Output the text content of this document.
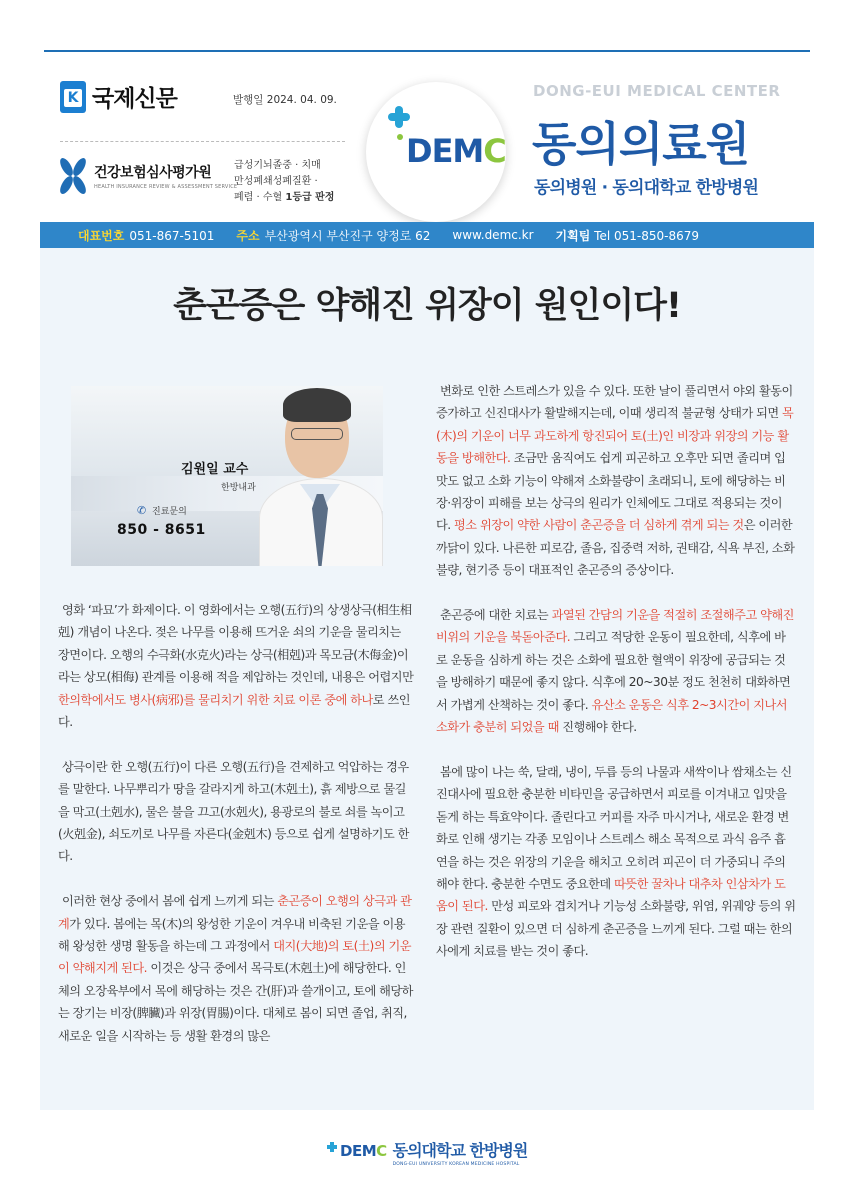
K 국제신문	발행일 2024. 04. 09.
건강보험심사평가원
HEALTH INSURANCE REVIEW & ASSESSMENT SERVICE
급성기뇌졸중 · 치매
만성폐쇄성폐질환 ·
폐렴 · 수혈 1등급 판정
DEMC
DONG-EUI MEDICAL CENTER
동의의료원
동의병원 · 동의대학교 한방병원
대표번호 051-867-5101 주소 부산광역시 부산진구 양정로 62 www.demc.kr 기획팀 Tel 051-850-8679
춘곤증은 약해진 위장이 원인이다!
김원일 교수
한방내과
✆ 진료문의
850 - 8651

영화 ‘파묘’가 화제이다. 이 영화에서는 오행(五行)의 상생상극(相生相剋) 개념이 나온다. 젖은 나무를 이용해 뜨거운 쇠의 기운을 물리치는 장면이다. 오행의 수극화(水克火)라는 상극(相剋)과 목모금(木侮金)이라는 상모(相侮) 관계를 이용해 적을 제압하는 것인데, 내용은 어렵지만 한의학에서도 병사(病邪)를 물리치기 위한 치료 이론 중에 하나로 쓰인다.

상극이란 한 오행(五行)이 다른 오행(五行)을 견제하고 억압하는 경우를 말한다. 나무뿌리가 땅을 갈라지게 하고(木剋土), 흙 제방으로 물길을 막고(土剋水), 물은 불을 끄고(水剋火), 용광로의 불로 쇠를 녹이고(火剋金), 쇠도끼로 나무를 자른다(金剋木) 등으로 쉽게 설명하기도 한다.

이러한 현상 중에서 봄에 쉽게 느끼게 되는 춘곤증이 오행의 상극과 관계가 있다. 봄에는 목(木)의 왕성한 기운이 겨우내 비축된 기운을 이용해 왕성한 생명 활동을 하는데 그 과정에서 대지(大地)의 토(土)의 기운이 약해지게 된다. 이것은 상극 중에서 목극토(木剋土)에 해당한다. 인체의 오장육부에서 목에 해당하는 것은 간(肝)과 쓸개이고, 토에 해당하는 장기는 비장(脾臟)과 위장(胃腸)이다. 대체로 봄이 되면 졸업, 취직, 새로운 일을 시작하는 등 생활 환경의 많은

변화로 인한 스트레스가 있을 수 있다. 또한 날이 풀리면서 야외 활동이 증가하고 신진대사가 활발해지는데, 이때 생리적 불균형 상태가 되면 목(木)의 기운이 너무 과도하게 항진되어 토(土)인 비장과 위장의 기능 활동을 방해한다. 조금만 움직여도 쉽게 피곤하고 오후만 되면 졸리며 입맛도 없고 소화 기능이 약해져 소화불량이 초래되니, 토에 해당하는 비장·위장이 피해를 보는 상극의 원리가 인체에도 그대로 적용되는 것이다. 평소 위장이 약한 사람이 춘곤증을 더 심하게 겪게 되는 것은 이러한 까닭이 있다. 나른한 피로감, 졸음, 집중력 저하, 권태감, 식욕 부진, 소화불량, 현기증 등이 대표적인 춘곤증의 증상이다.

춘곤증에 대한 치료는 과열된 간담의 기운을 적절히 조절해주고 약해진 비위의 기운을 북돋아준다. 그리고 적당한 운동이 필요한데, 식후에 바로 운동을 심하게 하는 것은 소화에 필요한 혈액이 위장에 공급되는 것을 방해하기 때문에 좋지 않다. 식후에 20~30분 정도 천천히 대화하면서 가볍게 산책하는 것이 좋다. 유산소 운동은 식후 2~3시간이 지나서 소화가 충분히 되었을 때 진행해야 한다.

봄에 많이 나는 쑥, 달래, 냉이, 두릅 등의 나물과 새싹이나 쌈채소는 신진대사에 필요한 충분한 비타민을 공급하면서 피로를 이겨내고 입맛을 돋게 하는 특효약이다. 졸린다고 커피를 자주 마시거나, 새로운 환경 변화로 인해 생기는 각종 모임이나 스트레스 해소 목적으로 과식 음주 흡연을 하는 것은 위장의 기운을 해치고 오히려 피곤이 더 가중되니 주의해야 한다. 충분한 수면도 중요한데 따뜻한 꿀차나 대추차 인삼차가 도움이 된다. 만성 피로와 겹치거나 기능성 소화불량, 위염, 위궤양 등의 위장 관련 질환이 있으면 더 심하게 춘곤증을 느끼게 된다. 그럴 때는 한의사에게 치료를 받는 것이 좋다.

DEMC 동의대학교 한방병원
DONG-EUI UNIVERSITY KOREAN MEDICINE HOSPITAL
